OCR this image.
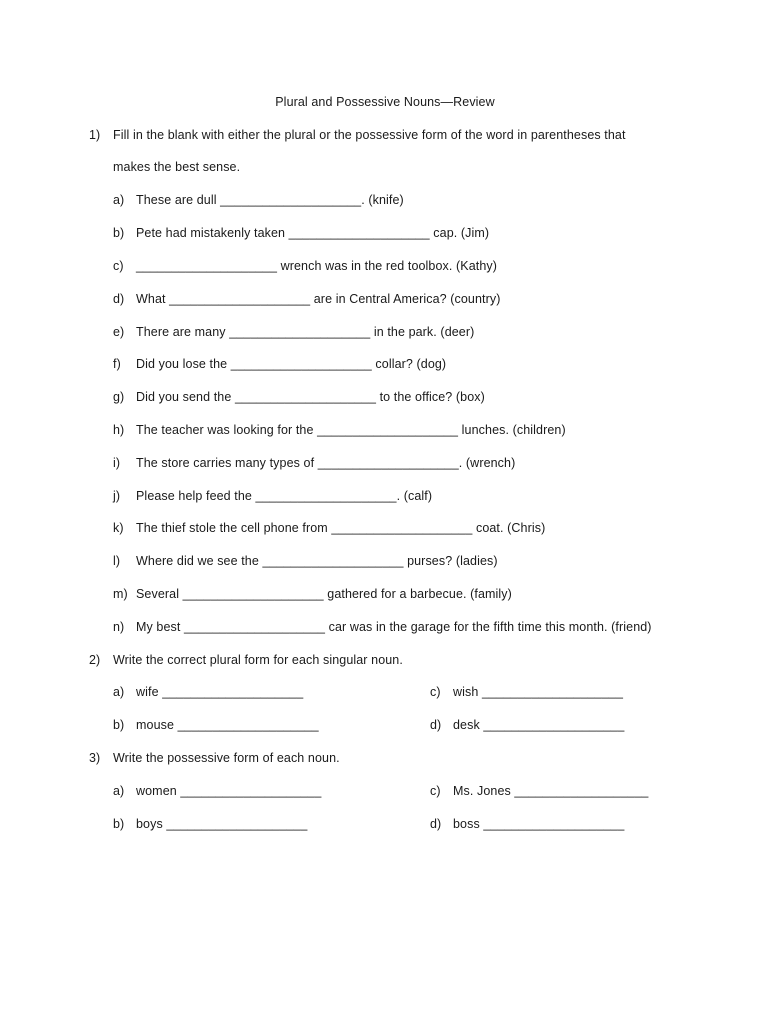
Plural and Possessive Nouns—Review
1) Fill in the blank with either the plural or the possessive form of the word in parentheses that
makes the best sense.
a) These are dull ____________________. (knife)
b) Pete had mistakenly taken ____________________ cap. (Jim)
c) ____________________ wrench was in the red toolbox. (Kathy)
d) What ____________________ are in Central America? (country)
e) There are many ____________________ in the park. (deer)
f) Did you lose the ____________________ collar? (dog)
g) Did you send the ____________________ to the office? (box)
h) The teacher was looking for the ____________________ lunches. (children)
i) The store carries many types of ____________________. (wrench)
j) Please help feed the ____________________. (calf)
k) The thief stole the cell phone from ____________________ coat. (Chris)
l) Where did we see the ____________________ purses? (ladies)
m) Several ____________________ gathered for a barbecue. (family)
n) My best ____________________ car was in the garage for the fifth time this month. (friend)
2) Write the correct plural form for each singular noun.
a) wife ____________________	c) wish ____________________
b) mouse ____________________	d) desk ____________________
3) Write the possessive form of each noun.
a) women ____________________	c) Ms. Jones ___________________
b) boys ____________________	d) boss ____________________
